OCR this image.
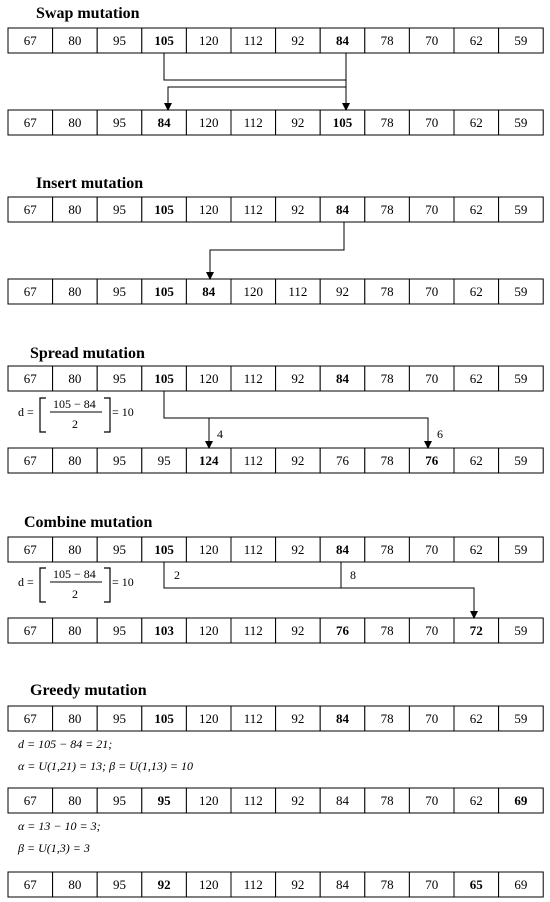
Swap mutation
67 80 95 105 120 112 92 84 78 70 62 59
67 80 95 84 120 112 92 105 78 70 62 59
Insert mutation
67 80 95 105 120 112 92 84 78 70 62 59
67 80 95 105 84 120 112 92 78 70 62 59
Spread mutation
67 80 95 105 120 112 92 84 78 70 62 59
67 80 95 95 124 112 92 76 78 76 62 59
d =
105 − 84
2
= 10
4	6
Combine mutation
67 80 95 105 120 112 92 84 78 70 62 59
67 80 95 103 120 112 92 76 78 70 72 59
d =
105 − 84
2
= 10	2	8
Greedy mutation
67 80 95 105 120 112 92 84 78 70 62 59
d = 105 − 84 = 21;
α = U(1,21) = 13; β = U(1,13) = 10
67 80 95 95 120 112 92 84 78 70 62 69
α = 13 − 10 = 3;
β = U(1,3) = 3
67 80 95 92 120 112 92 84 78 70 65 69
